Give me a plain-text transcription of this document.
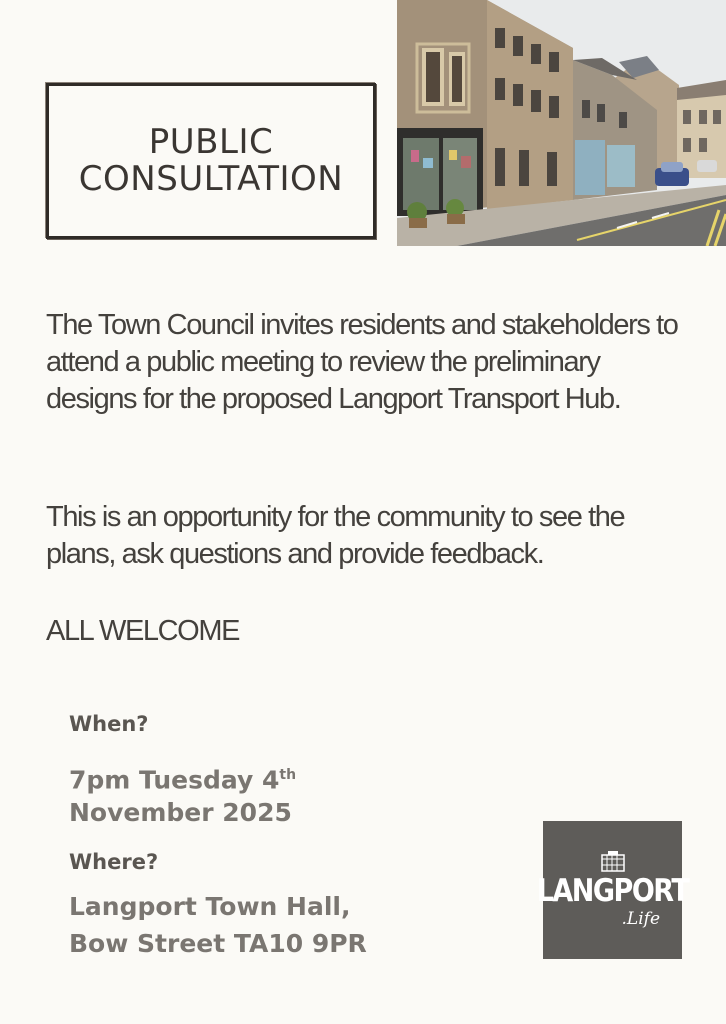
PUBLIC
CONSULTATION

The Town Council invites residents and stakeholders to attend a public meeting to review the preliminary designs for the proposed Langport Transport Hub.

This is an opportunity for the community to see the plans, ask questions and provide feedback.

ALL WELCOME

When?
7pm Tuesday 4th
November 2025
Where?
Langport Town Hall,
Bow Street TA10 9PR
LANGPORT
.Life
